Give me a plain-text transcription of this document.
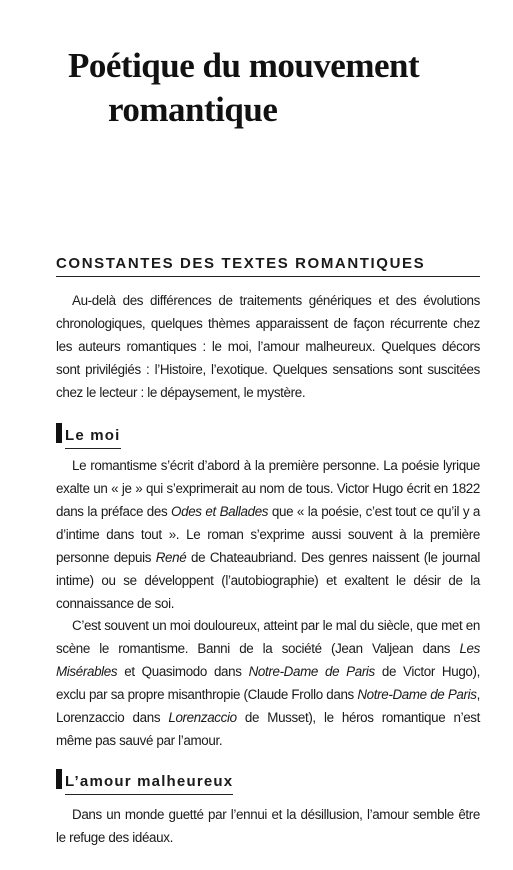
Poétique du mouvement
romantique
CONSTANTES DES TEXTES ROMANTIQUES

Au-delà des différences de traitements génériques et des évolutions chronologiques, quelques thèmes apparaissent de façon récurrente chez les auteurs romantiques : le moi, l’amour malheureux. Quelques décors sont privilégiés : l’Histoire, l’exotique. Quelques sensations sont suscitées chez le lecteur : le dépaysement, le mystère.

Le moi

Le romantisme s’écrit d’abord à la première personne. La poésie lyrique exalte un « je » qui s’exprimerait au nom de tous. Victor Hugo écrit en 1822 dans la préface des Odes et Ballades que « la poésie, c’est tout ce qu’il y a d’intime dans tout ». Le roman s’exprime aussi souvent à la première personne depuis René de Chateaubriand. Des genres naissent (le journal intime) ou se développent (l’autobiographie) et exaltent le désir de la connaissance de soi.

C’est souvent un moi douloureux, atteint par le mal du siècle, que met en scène le romantisme. Banni de la société (Jean Valjean dans Les Misérables et Quasimodo dans Notre-Dame de Paris de Victor Hugo), exclu par sa propre misanthropie (Claude Frollo dans Notre-Dame de Paris, Lorenzaccio dans Lorenzaccio de Musset), le héros romantique n’est même pas sauvé par l’amour.

L’amour malheureux

Dans un monde guetté par l’ennui et la désillusion, l’amour semble être le refuge des idéaux.
